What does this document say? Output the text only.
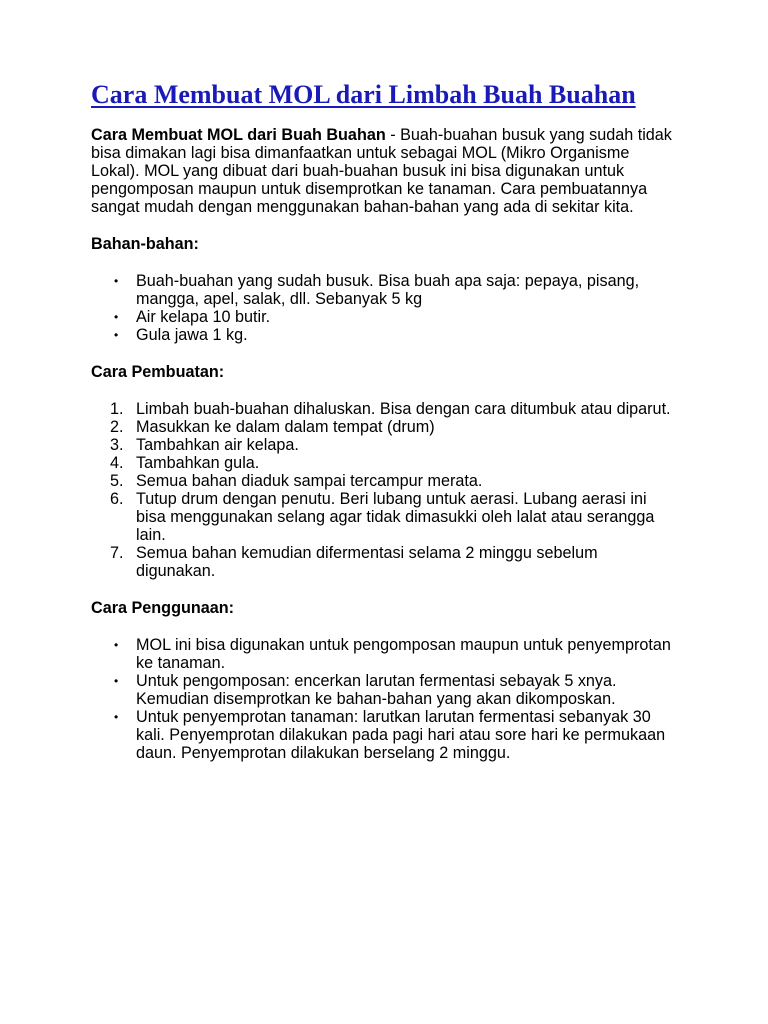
Cara Membuat MOL dari Limbah Buah Buahan

Cara Membuat MOL dari Buah Buahan - Buah-buahan busuk yang sudah tidak bisa dimakan lagi bisa dimanfaatkan untuk sebagai MOL (Mikro Organisme Lokal). MOL yang dibuat dari buah-buahan busuk ini bisa digunakan untuk pengomposan maupun untuk disemprotkan ke tanaman. Cara pembuatannya sangat mudah dengan menggunakan bahan-bahan yang ada di sekitar kita.

Bahan-bahan:

•	Buah-buahan yang sudah busuk. Bisa buah apa saja: pepaya, pisang, mangga, apel, salak, dll. Sebanyak 5 kg
•	Air kelapa 10 butir.
•	Gula jawa 1 kg.

Cara Pembuatan:

1. Limbah buah-buahan dihaluskan. Bisa dengan cara ditumbuk atau diparut.
2. Masukkan ke dalam dalam tempat (drum)
3. Tambahkan air kelapa.
4. Tambahkan gula.
5. Semua bahan diaduk sampai tercampur merata.
6. Tutup drum dengan penutu. Beri lubang untuk aerasi. Lubang aerasi ini bisa menggunakan selang agar tidak dimasukki oleh lalat atau serangga lain.
7. Semua bahan kemudian difermentasi selama 2 minggu sebelum digunakan.

Cara Penggunaan:

•	MOL ini bisa digunakan untuk pengomposan maupun untuk penyemprotan ke tanaman.
•	Untuk pengomposan: encerkan larutan fermentasi sebayak 5 xnya. Kemudian disemprotkan ke bahan-bahan yang akan dikomposkan.
•	Untuk penyemprotan tanaman: larutkan larutan fermentasi sebanyak 30 kali. Penyemprotan dilakukan pada pagi hari atau sore hari ke permukaan daun. Penyemprotan dilakukan berselang 2 minggu.
